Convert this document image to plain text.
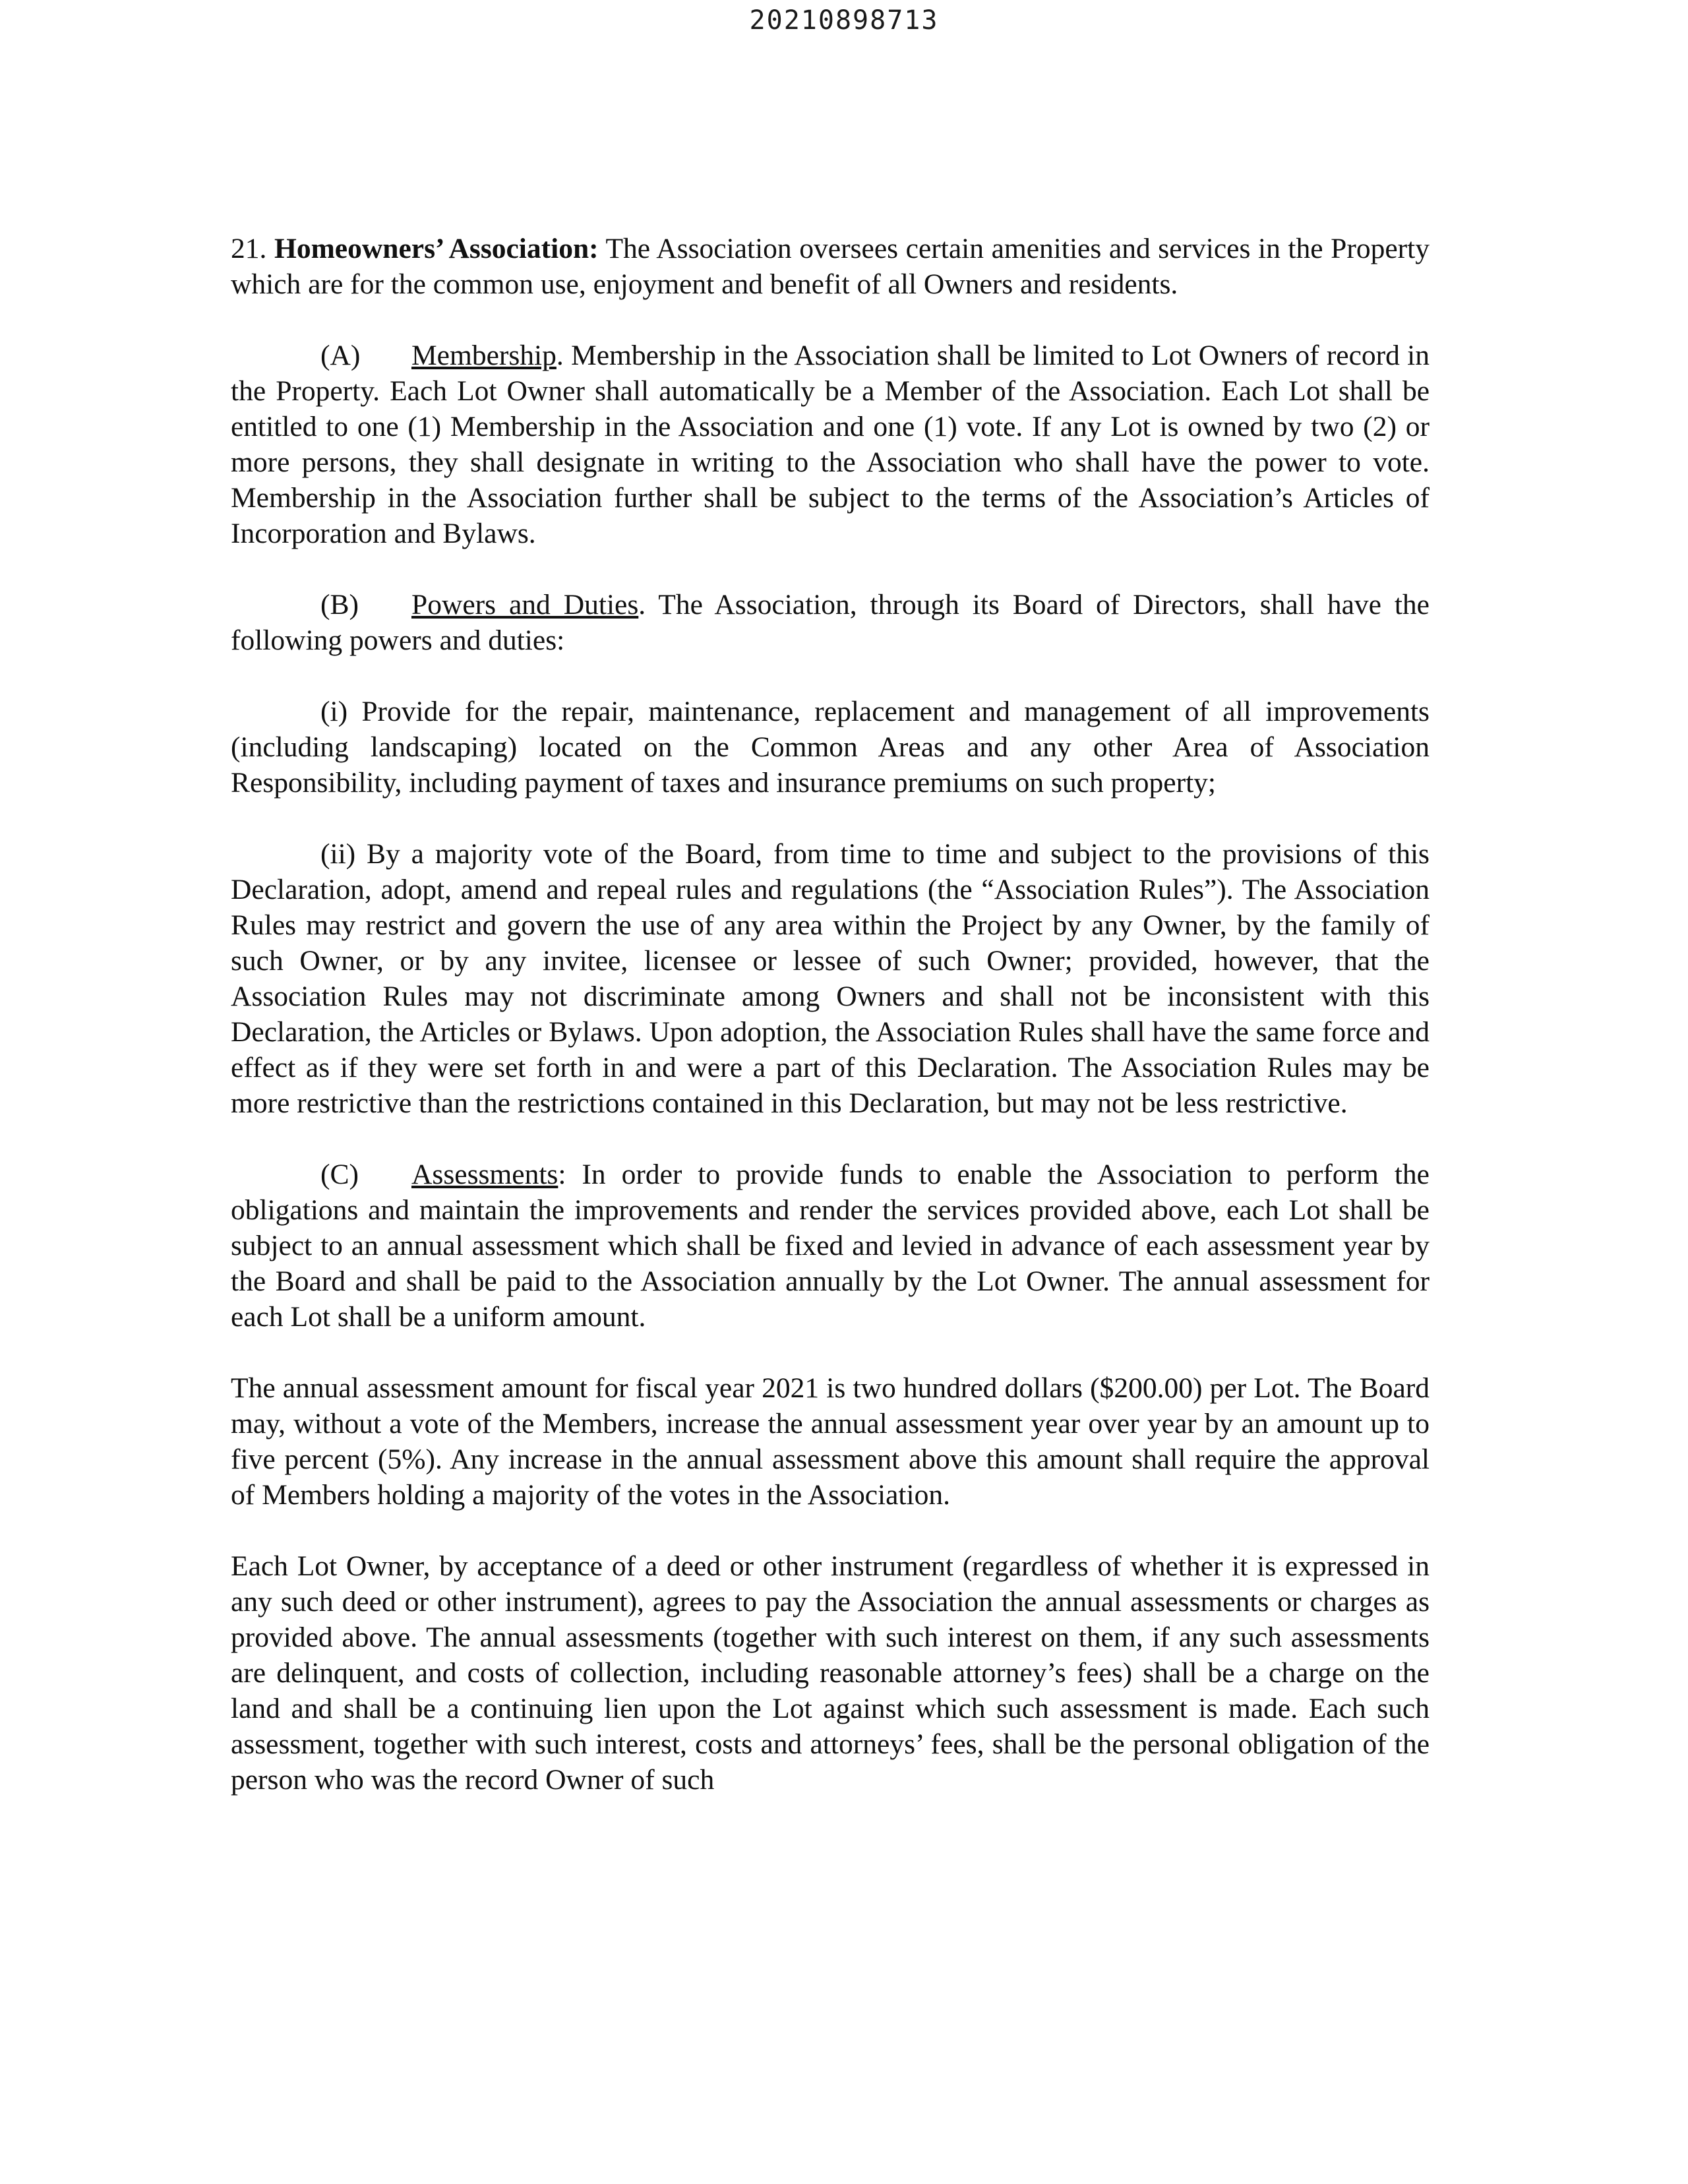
20210898713

21. Homeowners’ Association: The Association oversees certain amenities and services in the Property which are for the common use, enjoyment and benefit of all Owners and residents.

(A) Membership. Membership in the Association shall be limited to Lot Owners of record in the Property. Each Lot Owner shall automatically be a Member of the Association. Each Lot shall be entitled to one (1) Membership in the Association and one (1) vote. If any Lot is owned by two (2) or more persons, they shall designate in writing to the Association who shall have the power to vote. Membership in the Association further shall be subject to the terms of the Association’s Articles of Incorporation and Bylaws.

(B) Powers and Duties. The Association, through its Board of Directors, shall have the following powers and duties:

(i) Provide for the repair, maintenance, replacement and management of all improvements (including landscaping) located on the Common Areas and any other Area of Association Responsibility, including payment of taxes and insurance premiums on such property;

(ii) By a majority vote of the Board, from time to time and subject to the provisions of this Declaration, adopt, amend and repeal rules and regulations (the “Association Rules”). The Association Rules may restrict and govern the use of any area within the Project by any Owner, by the family of such Owner, or by any invitee, licensee or lessee of such Owner; provided, however, that the Association Rules may not discriminate among Owners and shall not be inconsistent with this Declaration, the Articles or Bylaws. Upon adoption, the Association Rules shall have the same force and effect as if they were set forth in and were a part of this Declaration. The Association Rules may be more restrictive than the restrictions contained in this Declaration, but may not be less restrictive.

(C) Assessments: In order to provide funds to enable the Association to perform the obligations and maintain the improvements and render the services provided above, each Lot shall be subject to an annual assessment which shall be fixed and levied in advance of each assessment year by the Board and shall be paid to the Association annually by the Lot Owner. The annual assessment for each Lot shall be a uniform amount.

The annual assessment amount for fiscal year 2021 is two hundred dollars ($200.00) per Lot. The Board may, without a vote of the Members, increase the annual assessment year over year by an amount up to five percent (5%). Any increase in the annual assessment above this amount shall require the approval of Members holding a majority of the votes in the Association.

Each Lot Owner, by acceptance of a deed or other instrument (regardless of whether it is expressed in any such deed or other instrument), agrees to pay the Association the annual assessments or charges as provided above. The annual assessments (together with such interest on them, if any such assessments are delinquent, and costs of collection, including reasonable attorney’s fees) shall be a charge on the land and shall be a continuing lien upon the Lot against which such assessment is made. Each such assessment, together with such interest, costs and attorneys’ fees, shall be the personal obligation of the person who was the record Owner of such
